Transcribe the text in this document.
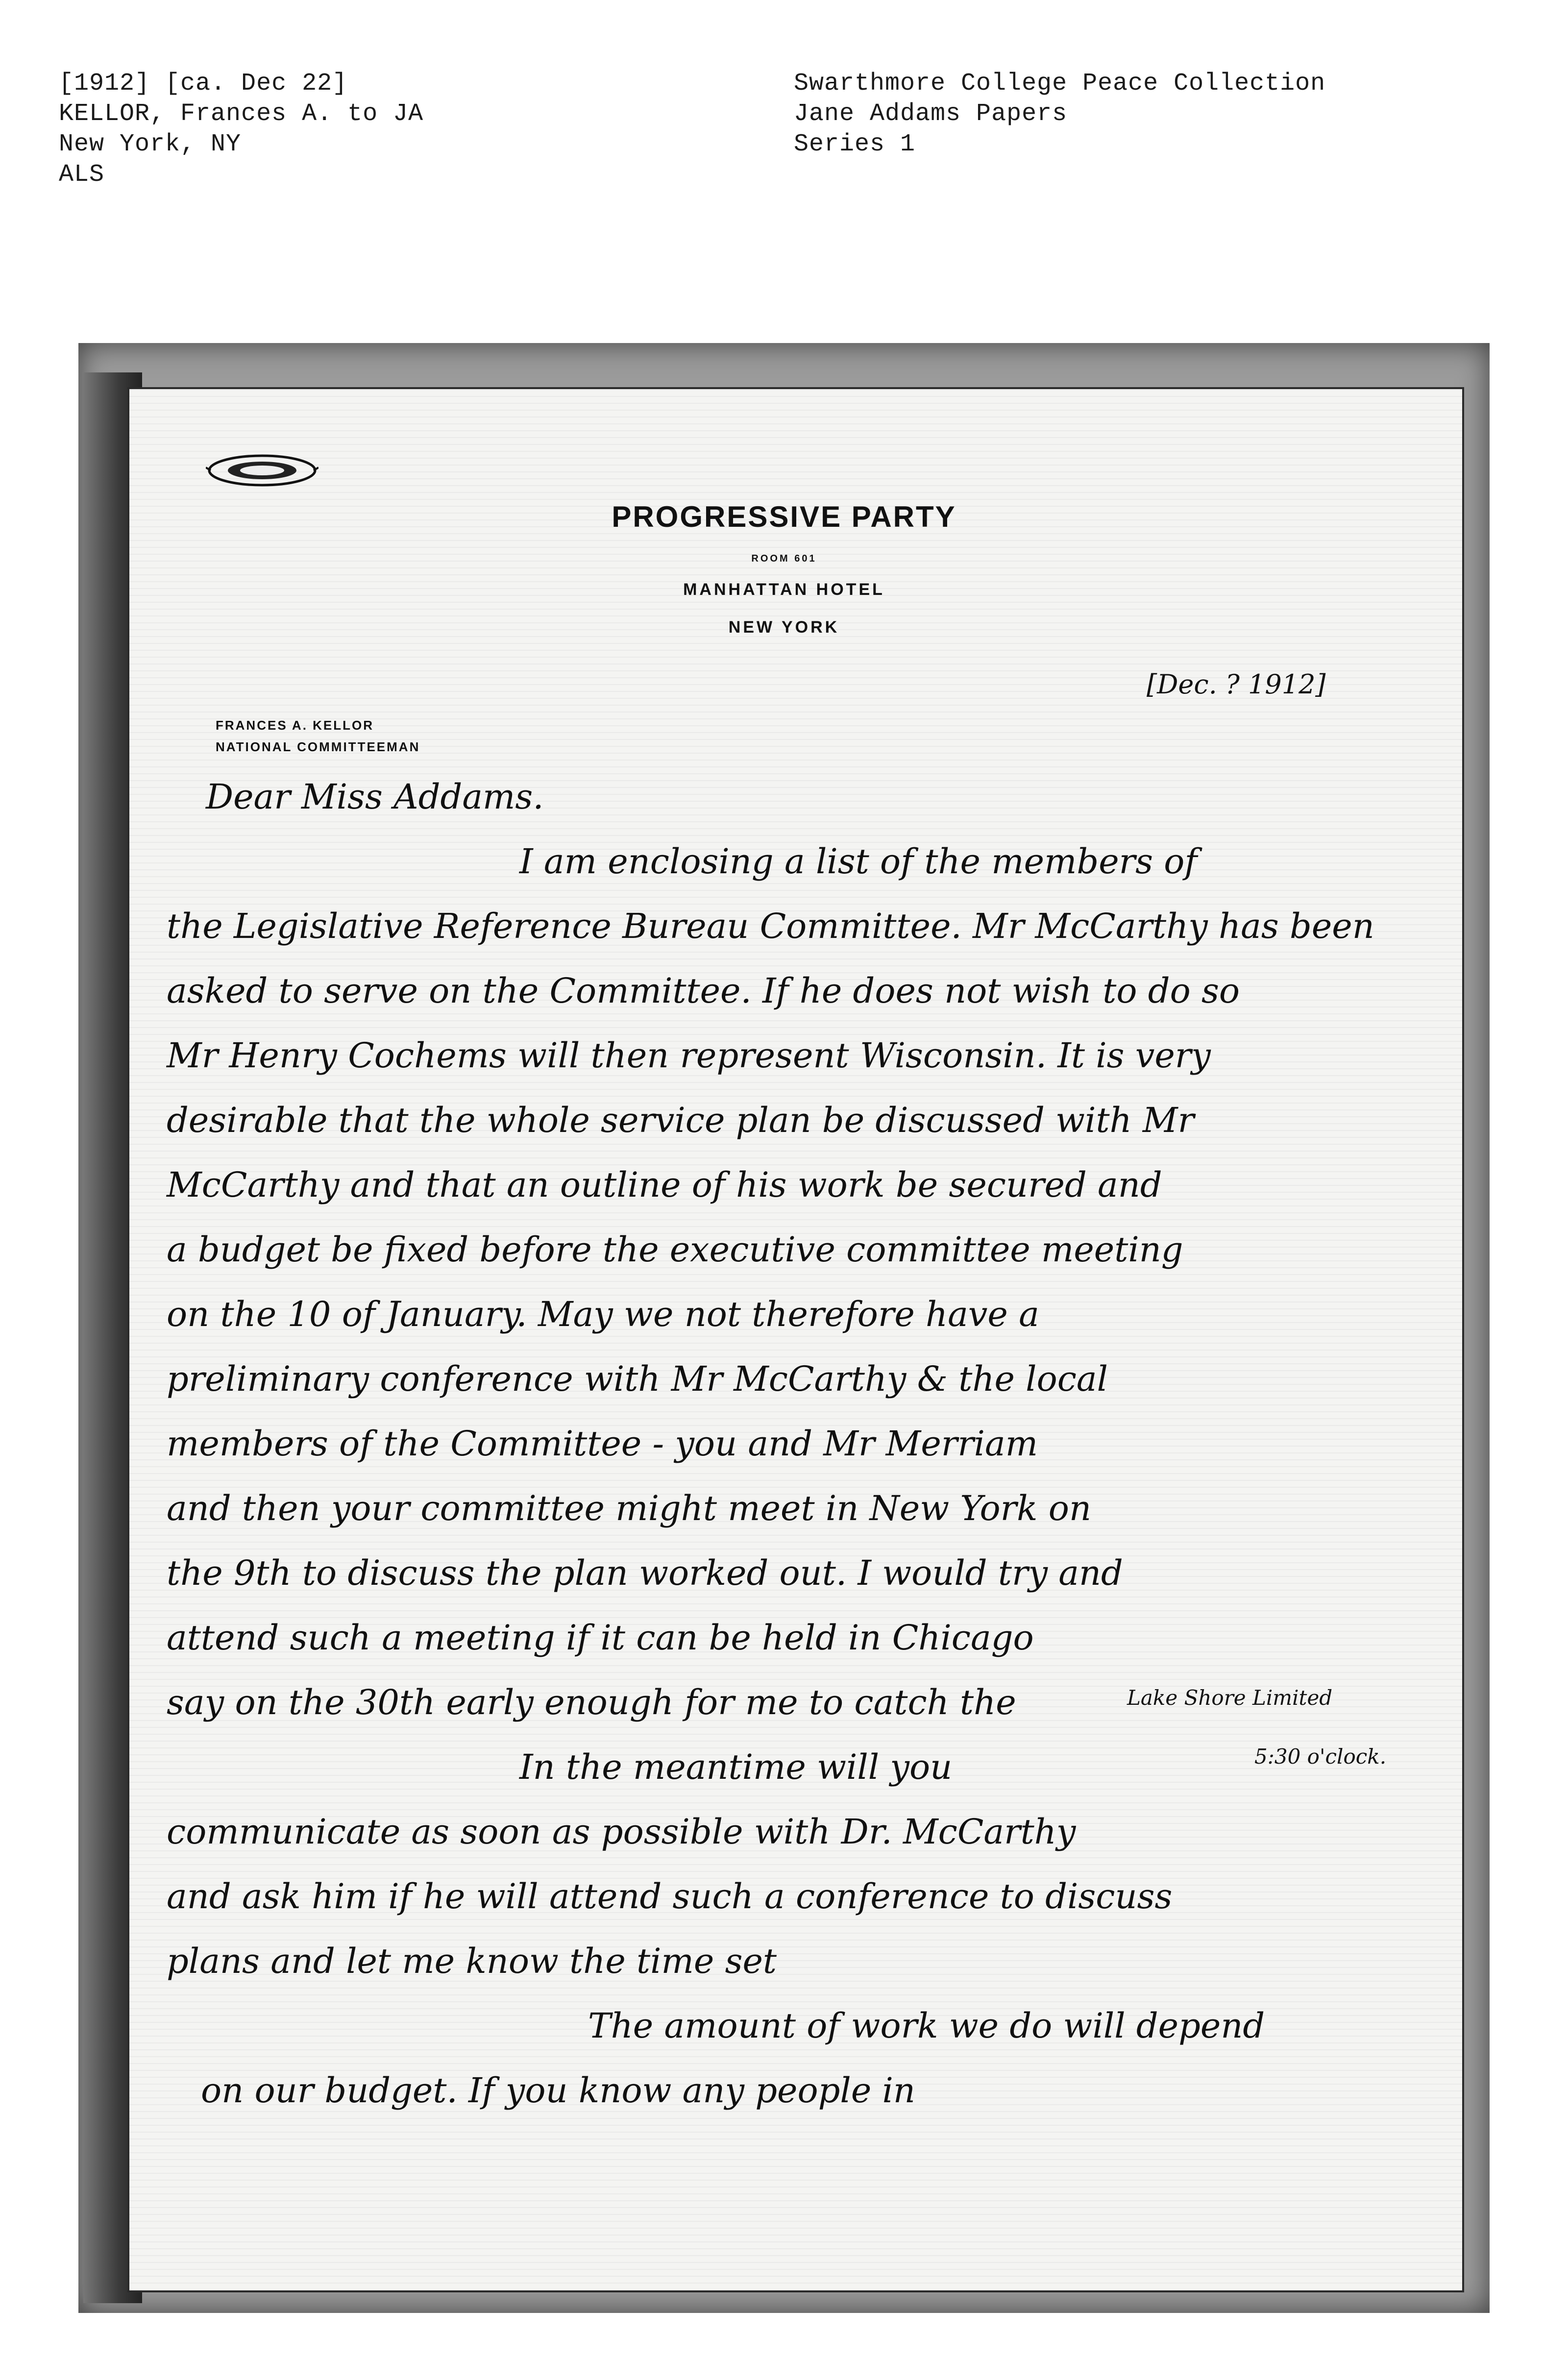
[1912] [ca. Dec 22]
KELLOR, Frances A. to JA
New York, NY
ALS
Swarthmore College Peace Collection
Jane Addams Papers
Series 1
PROGRESSIVE PARTY
ROOM 601
MANHATTAN HOTEL
NEW YORK
FRANCES A. KELLOR
NATIONAL COMMITTEEMAN
[Dec. ? 1912]
Lake Shore Limited
5:30 o'clock.
Dear Miss Addams.
I am enclosing a list of the members of
the Legislative Reference Bureau Committee. Mr McCarthy has been
asked to serve on the Committee. If he does not wish to do so
Mr Henry Cochems will then represent Wisconsin. It is very
desirable that the whole service plan be discussed with Mr
McCarthy and that an outline of his work be secured and
a budget be fixed before the executive committee meeting
on the 10 of January. May we not therefore have a
preliminary conference with Mr McCarthy & the local
members of the Committee - you and Mr Merriam
and then your committee might meet in New York on
the 9th to discuss the plan worked out. I would try and
attend such a meeting if it can be held in Chicago
say on the 30th early enough for me to catch the
In the meantime will you
communicate as soon as possible with Dr. McCarthy
and ask him if he will attend such a conference to discuss
plans and let me know the time set
The amount of work we do will depend
on our budget. If you know any people in
